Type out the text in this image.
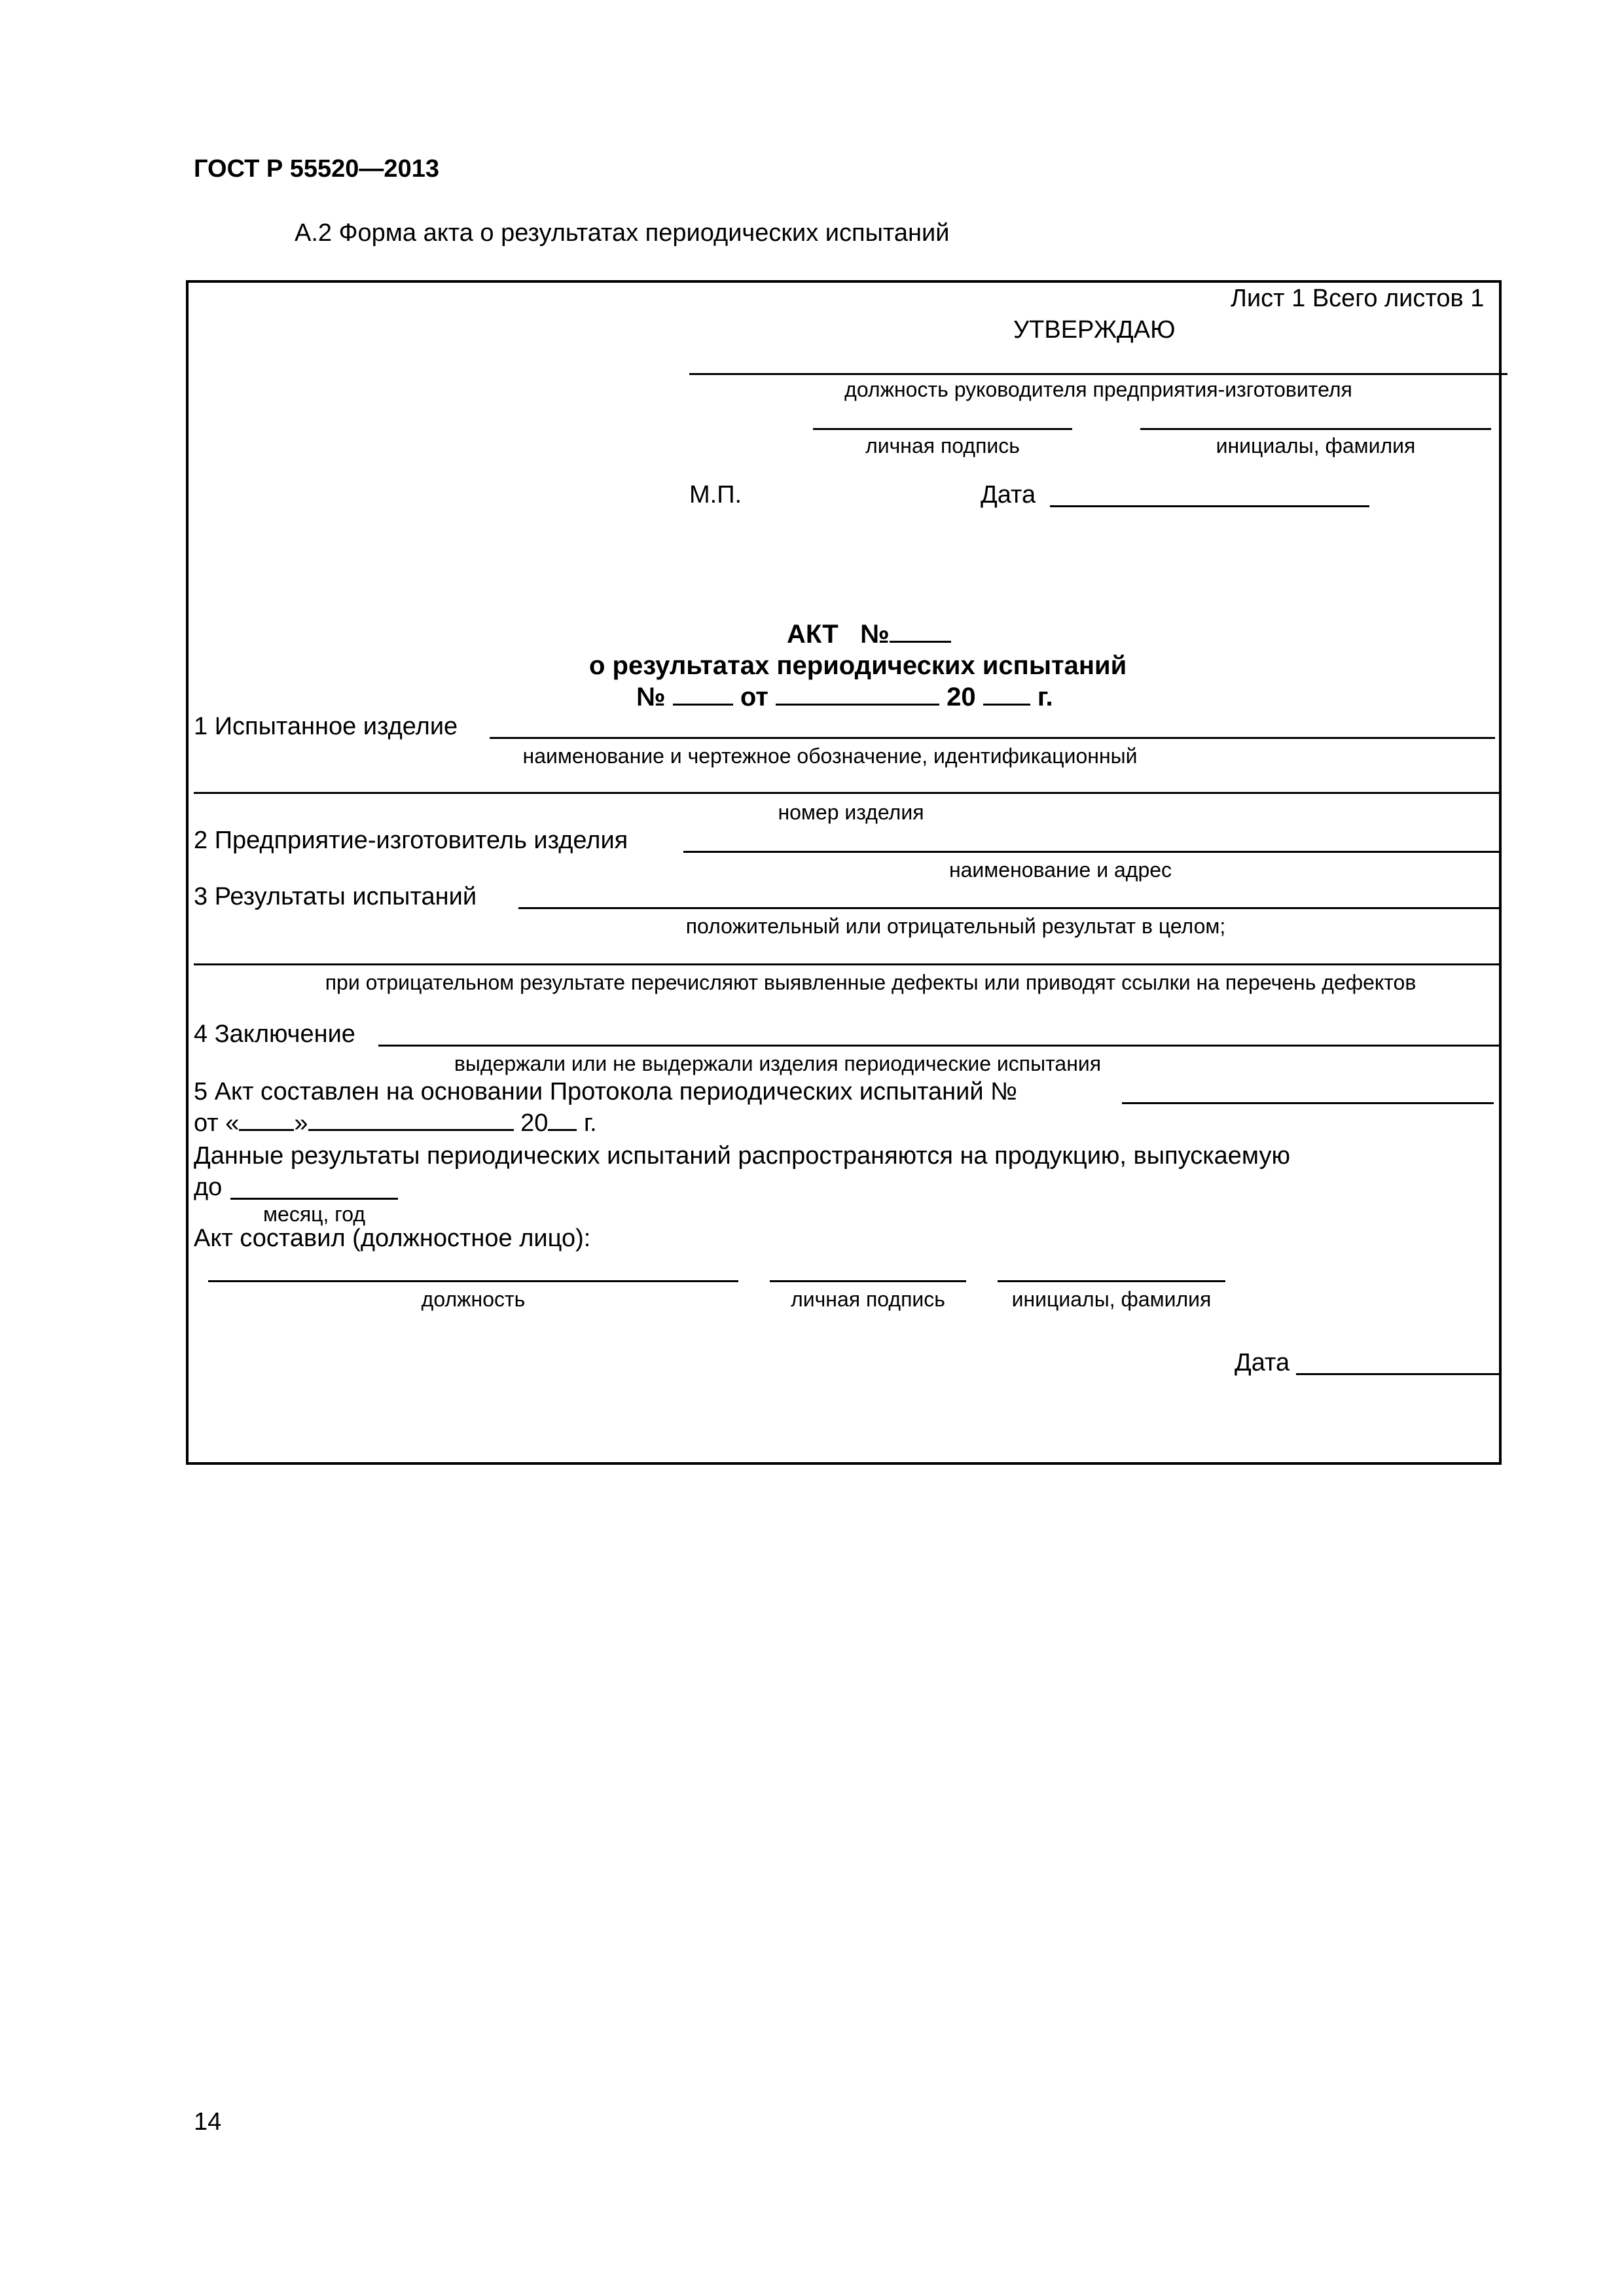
ГОСТ Р 55520—2013
А.2 Форма акта о результатах периодических испытаний
Лист 1 Всего листов 1
УТВЕРЖДАЮ
должность руководителя предприятия-изготовителя
личная подпись	инициалы, фамилия
М.П.	Дата
АКТ №
о результатах периодических испытаний
№	от	20 г.
1 Испытанное изделие
наименование и чертежное обозначение, идентификационный
номер изделия
2 Предприятие-изготовитель изделия
наименование и адрес
3 Результаты испытаний
положительный или отрицательный результат в целом;
при отрицательном результате перечисляют выявленные дефекты или приводят ссылки на перечень дефектов
4 Заключение
выдержали или не выдержали изделия периодические испытания
5 Акт составлен на основании Протокола периодических испытаний №
от « »	20 г.
Данные результаты периодических испытаний распространяются на продукцию, выпускаемую
до
месяц, год
Акт составил (должностное лицо):
должность	личная подпись	инициалы, фамилия
Дата
14
